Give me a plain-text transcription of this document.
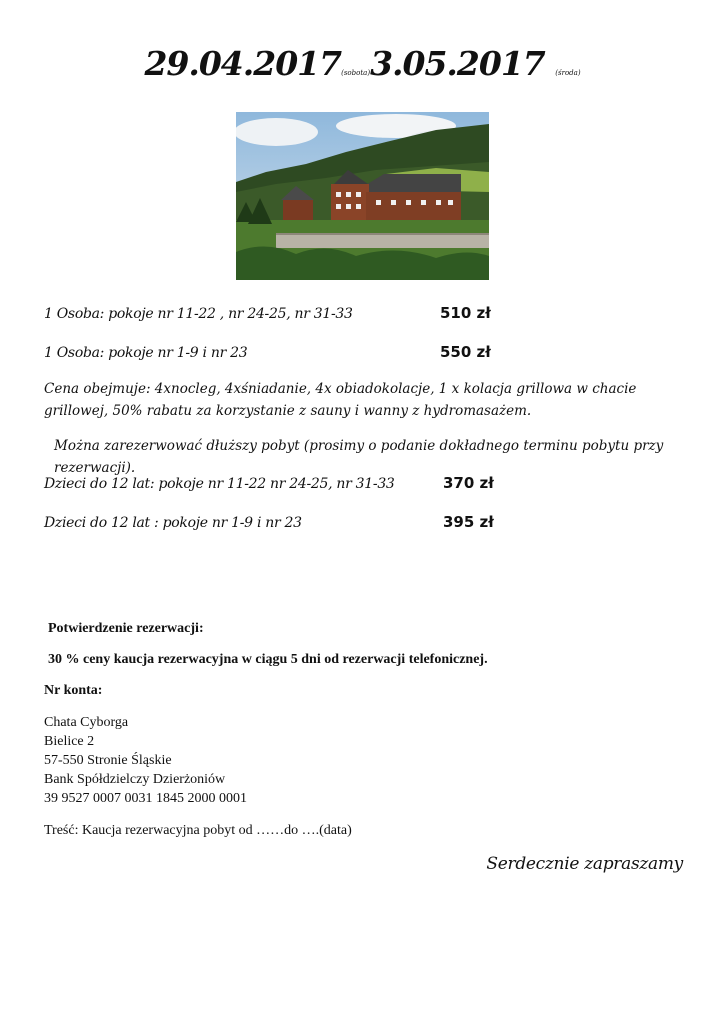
29.04.2017(sobota)3.05.2017 (środa)
1 Osoba: pokoje nr 11-22 , nr 24-25, nr 31-33	510 zł
1 Osoba: pokoje nr 1-9 i nr 23	550 zł
Cena obejmuje: 4xnocleg, 4xśniadanie, 4x obiadokolacje, 1 x kolacja grillowa w chacie grillowej, 50% rabatu za korzystanie z sauny i wanny z hydromasażem.
Można zarezerwować dłuższy pobyt (prosimy o podanie dokładnego terminu pobytu przy rezerwacji).
Dzieci do 12 lat: pokoje nr 11-22 nr 24-25, nr 31-33	370 zł
Dzieci do 12 lat : pokoje nr 1-9 i nr 23	395 zł
Potwierdzenie rezerwacji:
30 % ceny kaucja rezerwacyjna w ciągu 5 dni od rezerwacji telefonicznej.
Nr konta:
Chata Cyborga
Bielice 2
57-550 Stronie Śląskie
Bank Spółdzielczy Dzierżoniów
39 9527 0007 0031 1845 2000 0001
Treść: Kaucja rezerwacyjna pobyt od ……do ….(data)
Serdecznie zapraszamy
